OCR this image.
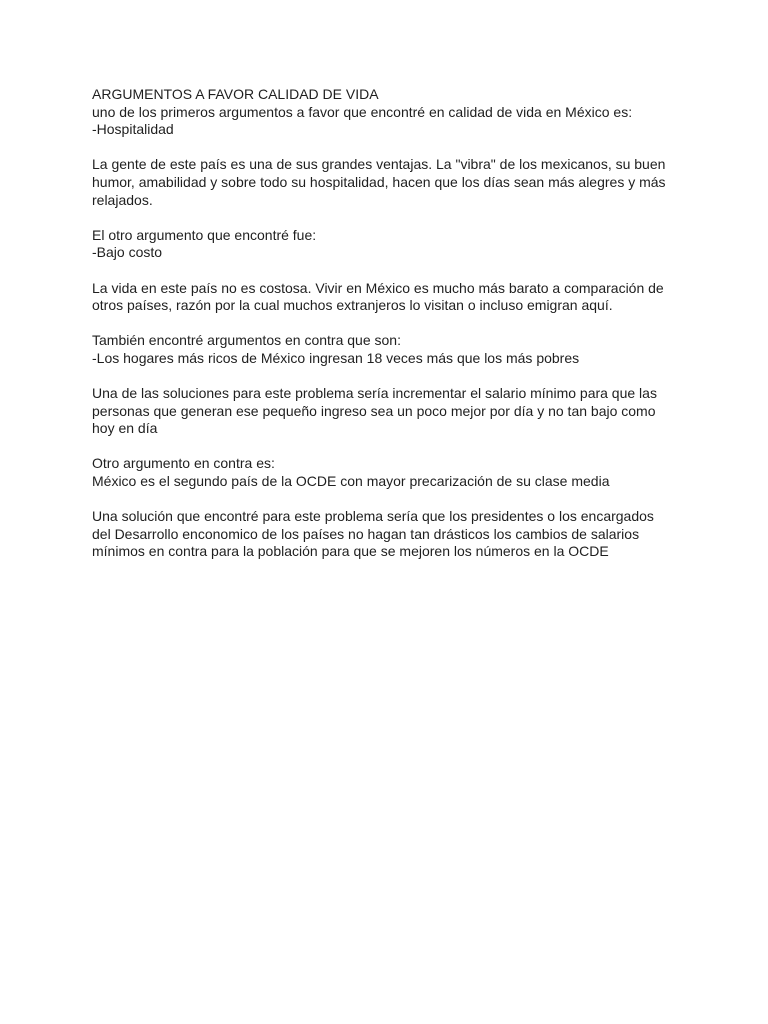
ARGUMENTOS A FAVOR CALIDAD DE VIDA
uno de los primeros argumentos a favor que encontré en calidad de vida en México es:
-Hospitalidad

La gente de este país es una de sus grandes ventajas. La "vibra" de los mexicanos, su buen
humor, amabilidad y sobre todo su hospitalidad, hacen que los días sean más alegres y más
relajados.

El otro argumento que encontré fue:
-Bajo costo

La vida en este país no es costosa. Vivir en México es mucho más barato a comparación de
otros países, razón por la cual muchos extranjeros lo visitan o incluso emigran aquí.

También encontré argumentos en contra que son:
-Los hogares más ricos de México ingresan 18 veces más que los más pobres

Una de las soluciones para este problema sería incrementar el salario mínimo para que las
personas que generan ese pequeño ingreso sea un poco mejor por día y no tan bajo como
hoy en día

Otro argumento en contra es:
México es el segundo país de la OCDE con mayor precarización de su clase media

Una solución que encontré para este problema sería que los presidentes o los encargados
del Desarrollo enconomico de los países no hagan tan drásticos los cambios de salarios
mínimos en contra para la población para que se mejoren los números en la OCDE
